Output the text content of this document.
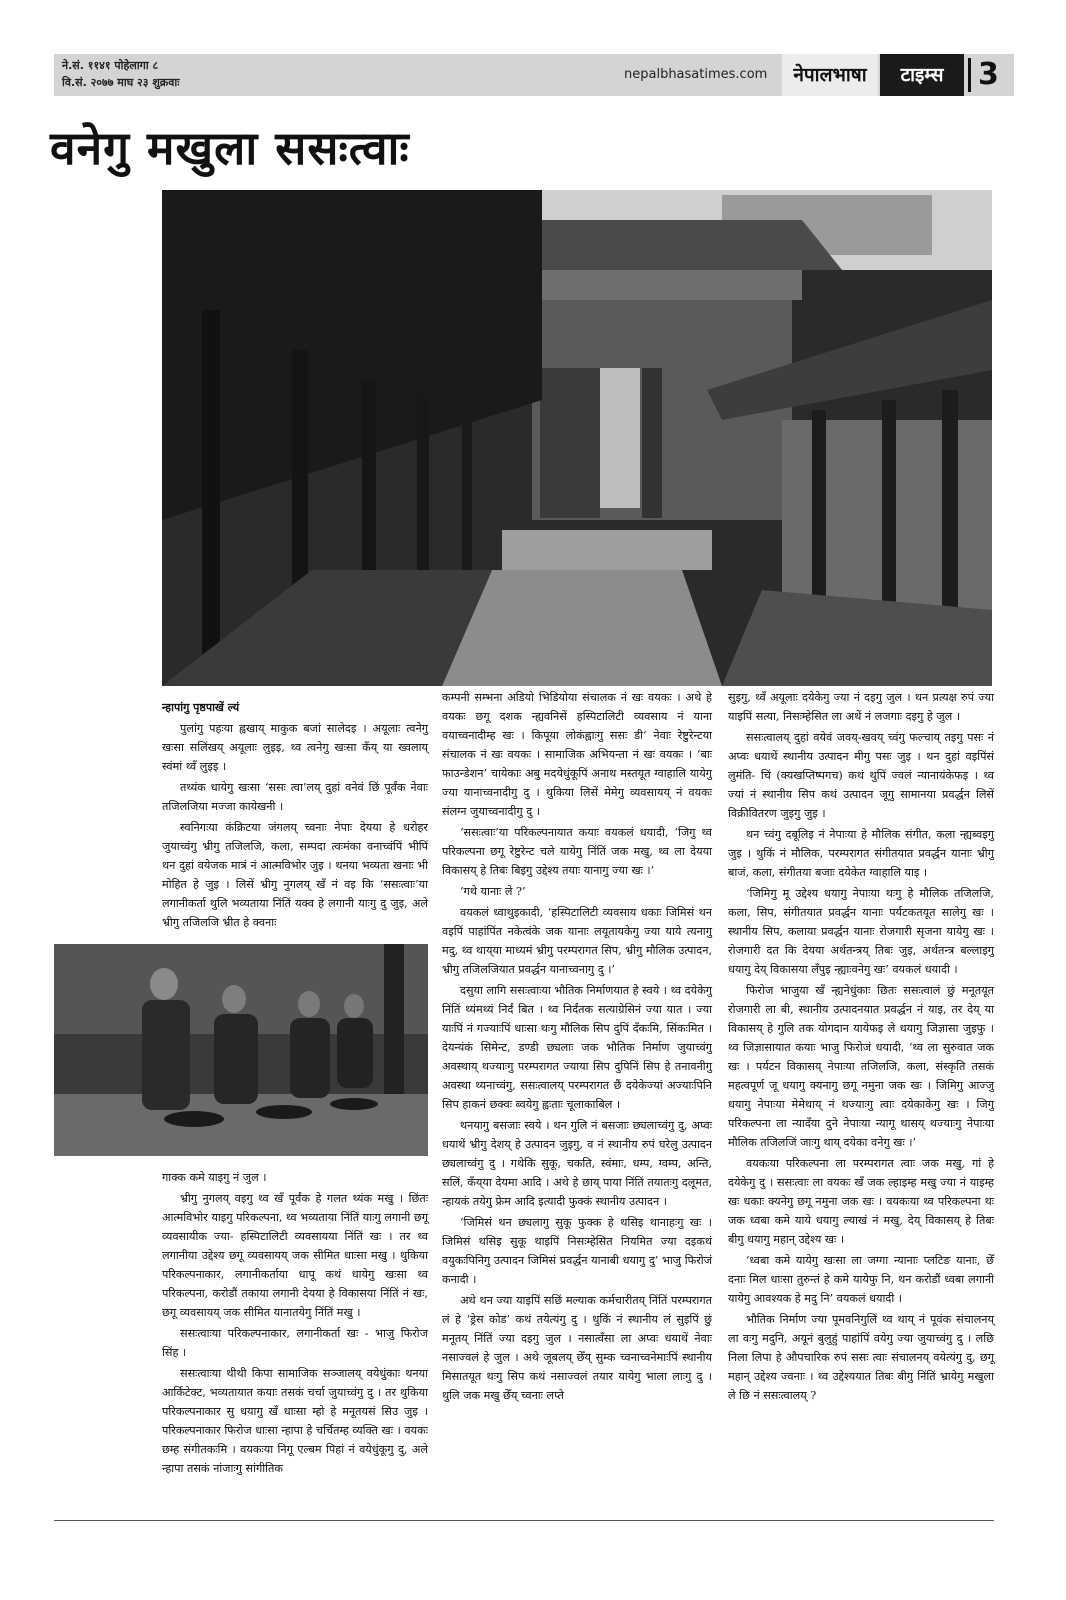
ने.सं. ११४१ पोहेलागा ८
वि.सं. २०७७ माघ २३ शुक्रवाः
nepalbhasatimes.com	नेपालभाषा	टाइम्स	3
वनेगु मखुला ससःत्वाः
न्हापांगु पृष्ठपाखें ल्यं

पुलांगु पहःया ह्वखाय् माकुक बजां सालेदइ । अयूलाः त्वनेगु खःसा सलिंखय् अयूलाः लुइइ, थ्व त्वनेगु खःसा कँय् या ख्वलाय् स्वंमां थ्वँ लुइइ ।

तथ्यंक धायेगु खःसा ‘ससः त्वा’लय् दुहां वनेवं छिं पूर्वंक नेवाः तजिलजिया मज्जा कायेखनी ।

स्वनिगःया कंक्रिटया जंगलय् च्वनाः नेपाः देयया हे धरोहर जुयाच्वंगु भ्रीगु तजिलजि, कला, सम्पदा त्वःमंका वनाच्वंपिं भीपिं थन दुहां वयेजक मात्रं नं आत्मविभोर जुइ । थनया भव्यता खनाः भी मोहित हे जुइ । लिसें भ्रीगु नुगलय् खँ नं वइ कि ‘ससःत्वाः’या लगानीकर्ता थुलि भव्यताया निंतिं यक्व हे लगानी याःगु दु जुइ, अले भ्रीगु तजिलजि भ्रीत हे क्वनाः

गाक्क कमे याइगु नं जुल ।

भ्रीगु नुगलय् वइगु थ्व खँ पूर्वंक हे गलत थ्यंक मखु । छिंतः आत्मविभोर याइगु परिकल्पना, थ्व भव्यताया निंतिं याःगु लगानी छगू व्यवसायीक ज्या- हस्पिटालिटी व्यवसायया निंतिं खः । तर थ्व लगानीया उद्देश्य छगू व्यवसायय् जक सीमित धाःसा मखु । थुकिया परिकल्पनाकार, लगानीकर्ताया धापू कथं धायेगु खःसा थ्व परिकल्पना, करोडौं तकाया लगानी देयया हे विकासया निंतिं नं खः, छगू व्यवसायय् जक सीमित यानातयेगु निंतिं मखु ।

ससःत्वाःया परिकल्पनाकार, लगानीकर्ता खः - भाजु फिरोज सिंह ।

ससःत्वाःया थीथी किपा सामाजिक सञ्जालय् वयेधुंकाः थनया आर्किटेक्ट, भव्यतायात कयाः तसकं चर्चा जुयाच्वंगु दु । तर थुकिया परिकल्पनाकार सु धयागु खँ धाःसा म्हो हे मनूतयसं सिउ जुइ । परिकल्पनाकार फिरोज धाःसा न्हापा हे चर्चितम्ह व्यक्ति खः । वयकः छम्ह संगीतकःमि । वयकःया निगू एल्बम पिहां नं वयेधुंकूगु दु, अले न्हापा तसकं नांजाःगु सांगीतिक

कम्पनी सम्भना अडियो भिडियोया संचालक नं खः वयकः । अथे हे वयकः छगू दशक न्ह्यवनिसें हस्पिटालिटी व्यवसाय नं याना वयाच्वनादीम्ह खः । किपूया लोकंह्वाःगु ससः डी’ नेवाः रेष्टुरेन्टया संचालक नं खः वयकः । सामाजिक अभियन्ता नं खः वयकः । ‘बाः फाउन्डेशन’ चायेकाः अबु मदयेधुंकूपिं अनाथ मस्तयूत ग्वाहालि यायेगु ज्या यानाच्वनादीगु दु । थुकिया लिसें मेमेगु व्यवसायय् नं वयकः संलग्न जुयाच्वनादीगु दु ।

‘ससःत्वाः’या परिकल्पनायात कयाः वयकलं धयादी, ‘जिगु थ्व परिकल्पना छगू रेष्टुरेन्ट चले यायेगु निंतिं जक मखु, थ्व ला देयया विकासय् हे तिबः बिइगु उद्देश्य तयाः यानागु ज्या खः ।’

‘गथे यानाः ले ?’

वयकलं ध्वाथुइकादी, ‘हस्पिटालिटी व्यवसाय धकाः जिमिसं थन वइपिं पाहांपिंत नकेत्वंके जक यानाः लयूतायकेगु ज्या याये त्यनागु मदु, थ्व थाय्‌या माध्यमं भ्रीगु परम्परागत सिप, भ्रीगु मौलिक उत्पादन, भ्रीगु तजिलजियात प्रवर्द्धन यानाच्वनागु दु ।’

दसुया लागि ससःत्वाःया भौतिक निर्माणयात हे स्वये । थ्व दयेकेगु निंतिं थ्यंमथ्यं निर्दं बित । थ्व निर्दंतक सत्याग्रेसिनं ज्या यात । ज्या याःपिं नं गज्याःपिं धाःसा थःगु मौलिक सिप दुपिं दँकःमि, सिंकःमित । देयन्यंकं सिमेन्ट, डण्डी छ्यलाः जक भौतिक निर्माण जुयाच्वंगु अवस्थाय् थज्याःगु परम्परागत ज्याया सिप दुपिनिं सिप हे तनावनीगु अवस्था थ्यनाच्वंगु, ससःत्वालय् परम्परागत छैं दयेकेज्यां अज्याःपिनि सिप हाकनं छक्वः ब्वयेगु ह्वःताः चूलाकाबिल ।

थनयागु बसजाः स्वये । थन गुलि नं बसजाः छ्यलाच्वंगु दु, अप्वः धयाथें भ्रीगु देशय् हे उत्पादन जुइगु, व नं स्थानीय रुपं घरेलु उत्पादन छ्यलाच्वंगु दु । गथेकि सुकू, चकति, स्वंमाः, धम्प, ग्वम्प, अन्ति, सलिं, कँय्‌या देयमा आदि । अथे हे छाय् पाया निंतिं तयातःगु दलूमत, न्हायकं तयेगु फ्रेम आदि इत्यादी फुक्कं स्थानीय उत्पादन ।

‘जिमिसं थन छ्यलागु सुकू फुक्क हे थसिइ थानाहःगु खः । जिमिसं थसिइ सुकू थाइपिं निसःम्हेसित नियमित ज्या दइकथं वयुकःपिनिगु उत्पादन जिमिसं प्रवर्द्धन यानाबी धयागु दु’ भाजु फिरोजं कनादी ।

अथे थन ज्या याइपिं सछिं मल्याक कर्मचारीतय् निंतिं परम्परागत लं हे ‘ड्रेस कोड’ कथं तयेत्यंगु दु । थुकिं नं स्थानीय लं सुइपिं छुं मनूतय् निंतिं ज्या दइगु जुल । नसात्वँसा ला अप्वः धयाथें नेवाः नसाज्वलं हे जुल । अथे जूबलय् छेँय् सुम्क च्वनाच्वनेमाःपिं स्थानीय मिसातयूत थःगु सिप कथं नसाज्वलं तयार यायेगु भाला लाःगु दु । थुलि जक मखु छेँय् च्वनाः लप्ते

सुइगु, थ्वँ अयूलाः दयेकेगु ज्या नं दइगु जुल । थन प्रत्यक्ष रुपं ज्या याइपिं सत्या, निसःम्हेसित ला अथें नं लजगाः दइगु हे जुल ।

ससःत्वालय् दुहां वयेवं जवय्-खवय् च्वंगु फल्चाय् तइगु पसः नं अप्वः धयाथें स्थानीय उत्पादन मीगु पसः जुइ । थन दुहां वइपिंसं लुमंति- चिं (क्यखप्तिष्पगच) कथं थुपिं ज्वलं न्यानायंकेफइ । थ्व ज्यां नं स्थानीय सिप कथं उत्पादन जूगु सामानया प्रवर्द्धन लिसें विक्रीवितरण जुइगु जुइ ।

थन च्वंगु दबूलिइ नं नेपाःया हे मौलिक संगीत, कला न्ह्यब्वइगु जुइ । थुकिं नं मौलिक, परम्परागत संगीतयात प्रवर्द्धन यानाः भ्रीगु बाजं, कला, संगीतया बजाः दयेकेत ग्वाहालि याइ ।

‘जिमिगु मू उद्देश्य धयागु नेपाःया थःगु हे मौलिक तजिलजि, कला, सिप, संगीतयात प्रवर्द्धन यानाः पर्यटकतयूत सालेगु खः । स्थानीय सिप, कलाया प्रवर्द्धन यानाः रोजगारी सृजना यायेगु खः । रोजगारी दत कि देयया अर्थतन्त्रय् तिबः जुइ, अर्थतन्त्र बल्लाइगु धयागु देय् विकासया लँपुइ न्ह्याःवनेगु खः’ वयकलं धयादी ।

फिरोज भाजुया खँ न्ह्यनेधुंकाः छितः ससःत्वालं छुं मनूतयूत रोजगारी ला बी, स्थानीय उत्पादनयात प्रवर्द्धन नं याइ, तर देय् या विकासय् हे गुलि तक योगदान यायेफइ ले धयागु जिज्ञासा जुइफु । थ्व जिज्ञासायात कयाः भाजु फिरोजं धयादी, ‘थ्व ला सुरुवात जक खः । पर्यटन विकासय् नेपाःया तजिलजि, कला, संस्कृति तसकं महत्वपूर्ण जू धयागु क्यनागु छगू नमुना जक खः । जिमिगु आज्जु धयागु नेपाःया मेमेथाय् नं थज्याःगु त्वाः दयेकाकेगु खः । जिगु परिकल्पना ला न्यादँया दुने नेपाःया न्यागू थासय् थज्याःगु नेपाःया मौलिक तजिलजिं जाःगु थाय् दयेका वनेगु खः ।’

वयकःया परिकल्पना ला परम्परागत त्वाः जक मखु, गां हे दयेकेगु दु । ससःत्वाः ला वयकः खँ जक ल्हाइम्ह मखु ज्या नं याइम्ह खः धकाः क्यनेगु छगू नमुना जक खः । वयकःया थ्व परिकल्पना थः जक ध्वबा कमे याये धयागु ल्याखं नं मखु, देय् विकासय् हे तिबः बीगु धयागु महान् उद्देश्य खः ।

‘ध्वबा कमे यायेगु खःसा ला जग्गा न्यानाः प्लटिङ यानाः, छेँ दनाः मिल धाःसा तुरुन्तं हे कमे यायेफु नि, थन करोडौं ध्वबा लगानी यायेगु आवश्यक हे मदु नि’ वयकलं धयादी ।

भौतिक निर्माण ज्या पूमवनिगुलिं थ्व थाय् नं पूवंक संचालनय् ला वःगु मदुनि, अयूनं बुलुहुं पाहांपिं वयेगु ज्या जुयाच्वंगु दु । लछि निला लिपा हे औपचारिक रुपं ससः त्वाः संचालनय् वयेत्यंगु दु, छगू महान् उद्देश्य ज्वनाः । थ्व उद्देश्ययात तिबः बीगु निंतिं भ्रायेगु मखुला ले छि नं ससःत्वालय् ?
